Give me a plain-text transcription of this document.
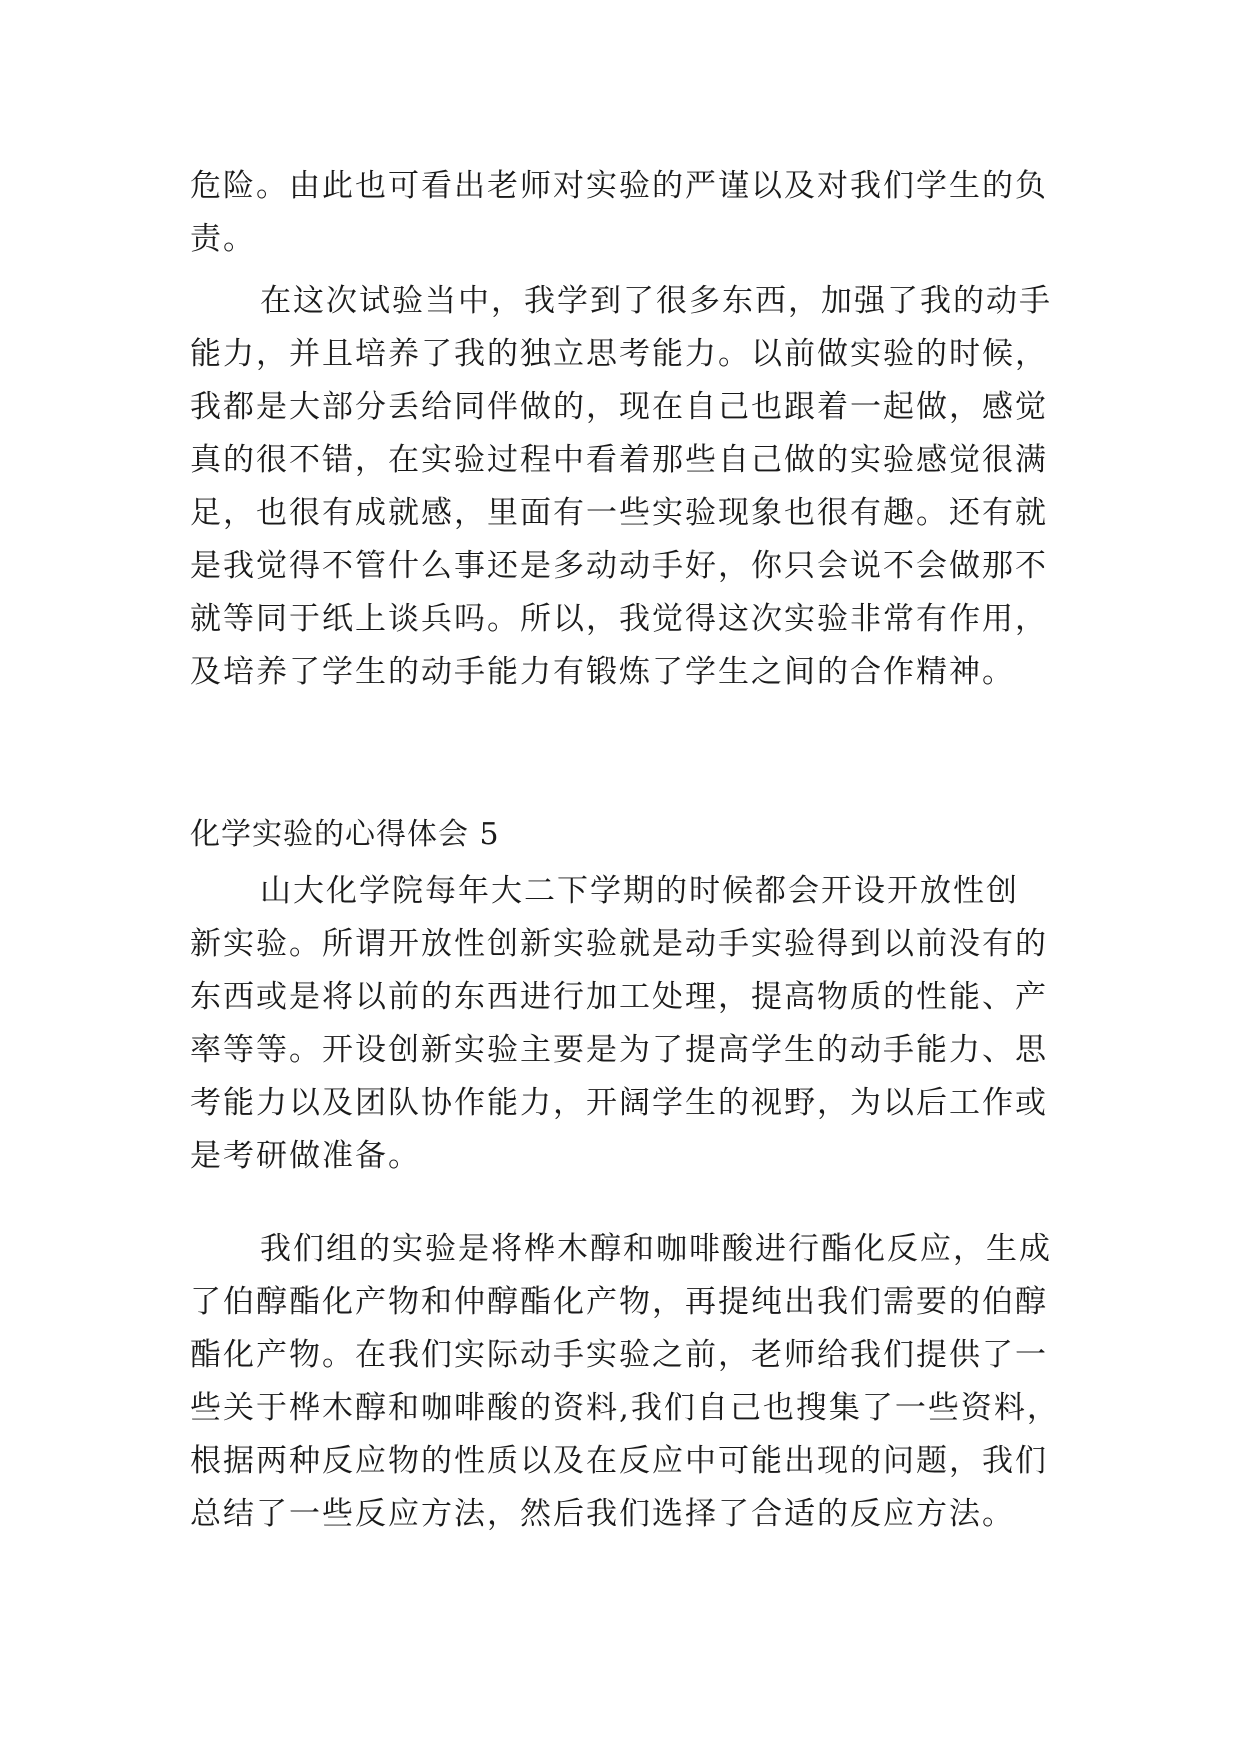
危险。由此也可看出老师对实验的严谨以及对我们学生的负
责。
在这次试验当中，我学到了很多东西，加强了我的动手
能力，并且培养了我的独立思考能力。以前做实验的时候，
我都是大部分丢给同伴做的，现在自己也跟着一起做，感觉
真的很不错，在实验过程中看着那些自己做的实验感觉很满
足，也很有成就感，里面有一些实验现象也很有趣。还有就
是我觉得不管什么事还是多动动手好，你只会说不会做那不
就等同于纸上谈兵吗。所以，我觉得这次实验非常有作用，
及培养了学生的动手能力有锻炼了学生之间的合作精神。
化学实验的心得体会 5
山大化学院每年大二下学期的时候都会开设开放性创
新实验。所谓开放性创新实验就是动手实验得到以前没有的
东西或是将以前的东西进行加工处理，提高物质的性能、产
率等等。开设创新实验主要是为了提高学生的动手能力、思
考能力以及团队协作能力，开阔学生的视野，为以后工作或
是考研做准备。
我们组的实验是将桦木醇和咖啡酸进行酯化反应，生成
了伯醇酯化产物和仲醇酯化产物，再提纯出我们需要的伯醇
酯化产物。在我们实际动手实验之前，老师给我们提供了一
些关于桦木醇和咖啡酸的资料,我们自己也搜集了一些资料，
根据两种反应物的性质以及在反应中可能出现的问题，我们
总结了一些反应方法，然后我们选择了合适的反应方法。
